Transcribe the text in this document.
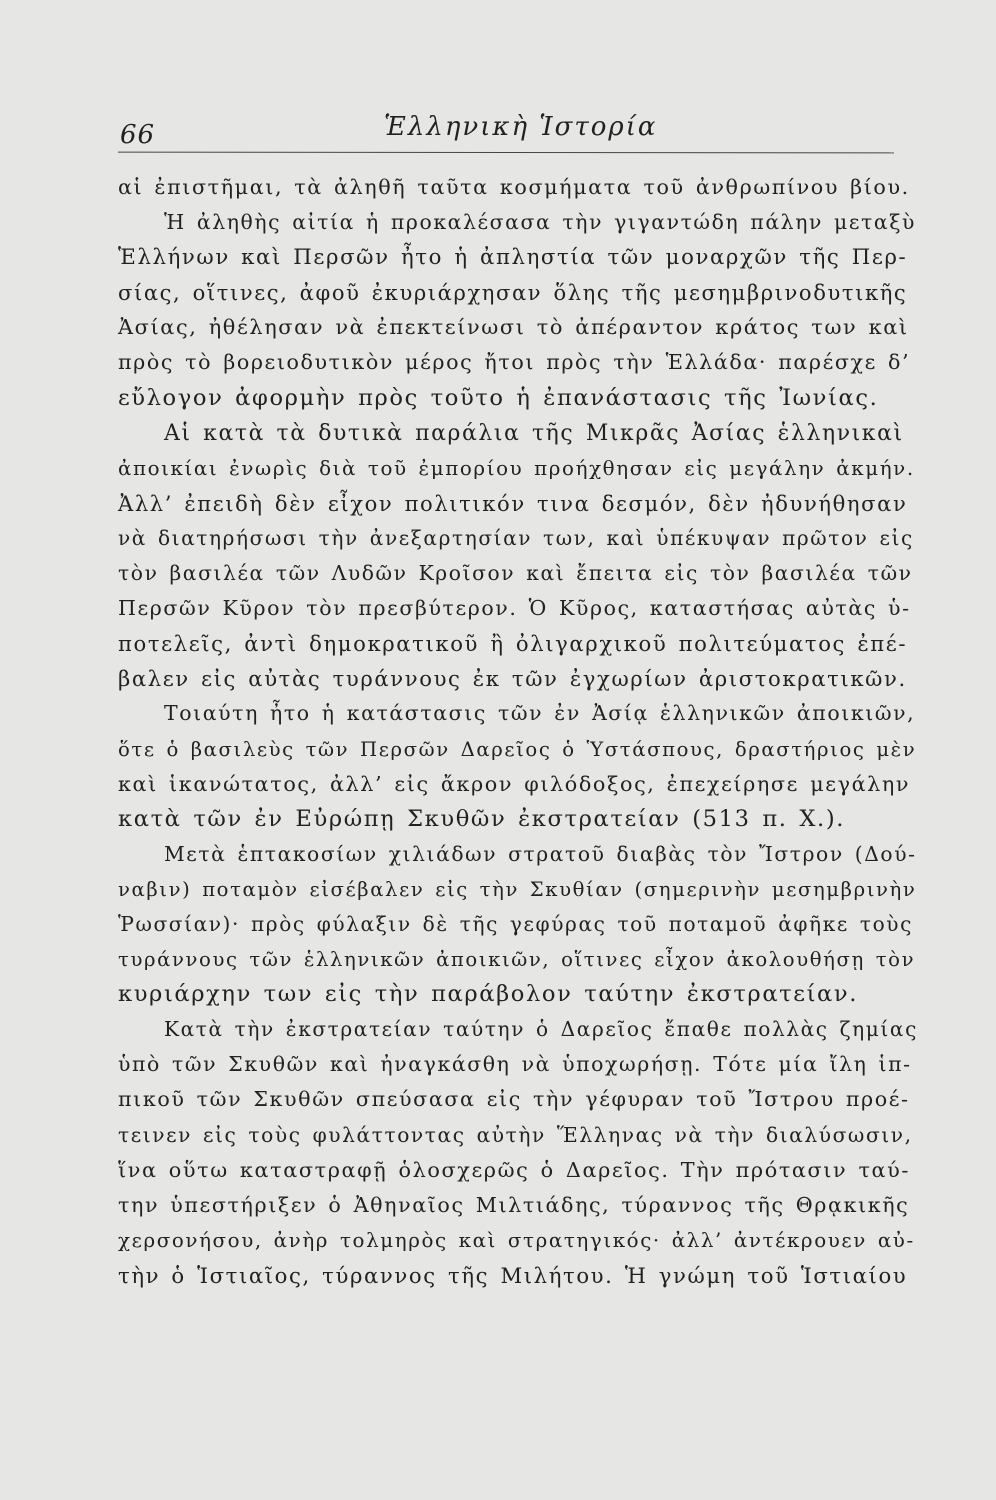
66	Ἑλληνικὴ Ἱστορία
αἱ ἐπιστῆμαι, τὰ ἀληθῆ ταῦτα κοσμήματα τοῦ ἀνθρωπίνου βίου.
Ἡ ἀληθὴς αἰτία ἡ προκαλέσασα τὴν γιγαντώδη πάλην μεταξὺ
Ἑλλήνων καὶ Περσῶν ἦτο ἡ ἀπληστία τῶν μοναρχῶν τῆς Περ-
σίας, οἵτινες, ἀφοῦ ἐκυριάρχησαν ὅλης τῆς μεσημβρινοδυτικῆς
Ἀσίας, ἠθέλησαν νὰ ἐπεκτείνωσι τὸ ἀπέραντον κράτος των καὶ
πρὸς τὸ βορειοδυτικὸν μέρος ἤτοι πρὸς τὴν Ἑλλάδα· παρέσχε δ’
εὔλογον ἀφορμὴν πρὸς τοῦτο ἡ ἐπανάστασις τῆς Ἰωνίας.
Αἱ κατὰ τὰ δυτικὰ παράλια τῆς Μικρᾶς Ἀσίας ἑλληνικαὶ
ἀποικίαι ἐνωρὶς διὰ τοῦ ἐμπορίου προήχθησαν εἰς μεγάλην ἀκμήν.
Ἀλλ’ ἐπειδὴ δὲν εἶχον πολιτικόν τινα δεσμόν, δὲν ἠδυνήθησαν
νὰ διατηρήσωσι τὴν ἀνεξαρτησίαν των, καὶ ὑπέκυψαν πρῶτον εἰς
τὸν βασιλέα τῶν Λυδῶν Κροῖσον καὶ ἔπειτα εἰς τὸν βασιλέα τῶν
Περσῶν Κῦρον τὸν πρεσβύτερον. Ὁ Κῦρος, καταστήσας αὐτὰς ὑ-
ποτελεῖς, ἀντὶ δημοκρατικοῦ ἢ ὀλιγαρχικοῦ πολιτεύματος ἐπέ-
βαλεν εἰς αὐτὰς τυράννους ἐκ τῶν ἐγχωρίων ἀριστοκρατικῶν.
Τοιαύτη ἦτο ἡ κατάστασις τῶν ἐν Ἀσίᾳ ἑλληνικῶν ἀποικιῶν,
ὅτε ὁ βασιλεὺς τῶν Περσῶν Δαρεῖος ὁ Ὑστάσπους, δραστήριος μὲν
καὶ ἱκανώτατος, ἀλλ’ εἰς ἄκρον φιλόδοξος, ἐπεχείρησε μεγάλην
κατὰ τῶν ἐν Εὐρώπῃ Σκυθῶν ἐκστρατείαν (513 π. Χ.).
Μετὰ ἑπτακοσίων χιλιάδων στρατοῦ διαβὰς τὸν Ἴστρον (Δού-
ναβιν) ποταμὸν εἰσέβαλεν εἰς τὴν Σκυθίαν (σημερινὴν μεσημβρινὴν
Ῥωσσίαν)· πρὸς φύλαξιν δὲ τῆς γεφύρας τοῦ ποταμοῦ ἀφῆκε τοὺς
τυράννους τῶν ἑλληνικῶν ἀποικιῶν, οἵτινες εἶχον ἀκολουθήσῃ τὸν
κυριάρχην των εἰς τὴν παράβολον ταύτην ἐκστρατείαν.
Κατὰ τὴν ἐκστρατείαν ταύτην ὁ Δαρεῖος ἔπαθε πολλὰς ζημίας
ὑπὸ τῶν Σκυθῶν καὶ ἠναγκάσθη νὰ ὑποχωρήσῃ. Τότε μία ἴλη ἱπ-
πικοῦ τῶν Σκυθῶν σπεύσασα εἰς τὴν γέφυραν τοῦ Ἴστρου προέ-
τεινεν εἰς τοὺς φυλάττοντας αὐτὴν Ἕλληνας νὰ τὴν διαλύσωσιν,
ἵνα οὕτω καταστραφῇ ὁλοσχερῶς ὁ Δαρεῖος. Τὴν πρότασιν ταύ-
την ὑπεστήριξεν ὁ Ἀθηναῖος Μιλτιάδης, τύραννος τῆς Θρᾳκικῆς
χερσονήσου, ἀνὴρ τολμηρὸς καὶ στρατηγικός· ἀλλ’ ἀντέκρουεν αὐ-
τὴν ὁ Ἱστιαῖος, τύραννος τῆς Μιλήτου. Ἡ γνώμη τοῦ Ἱστιαίου
